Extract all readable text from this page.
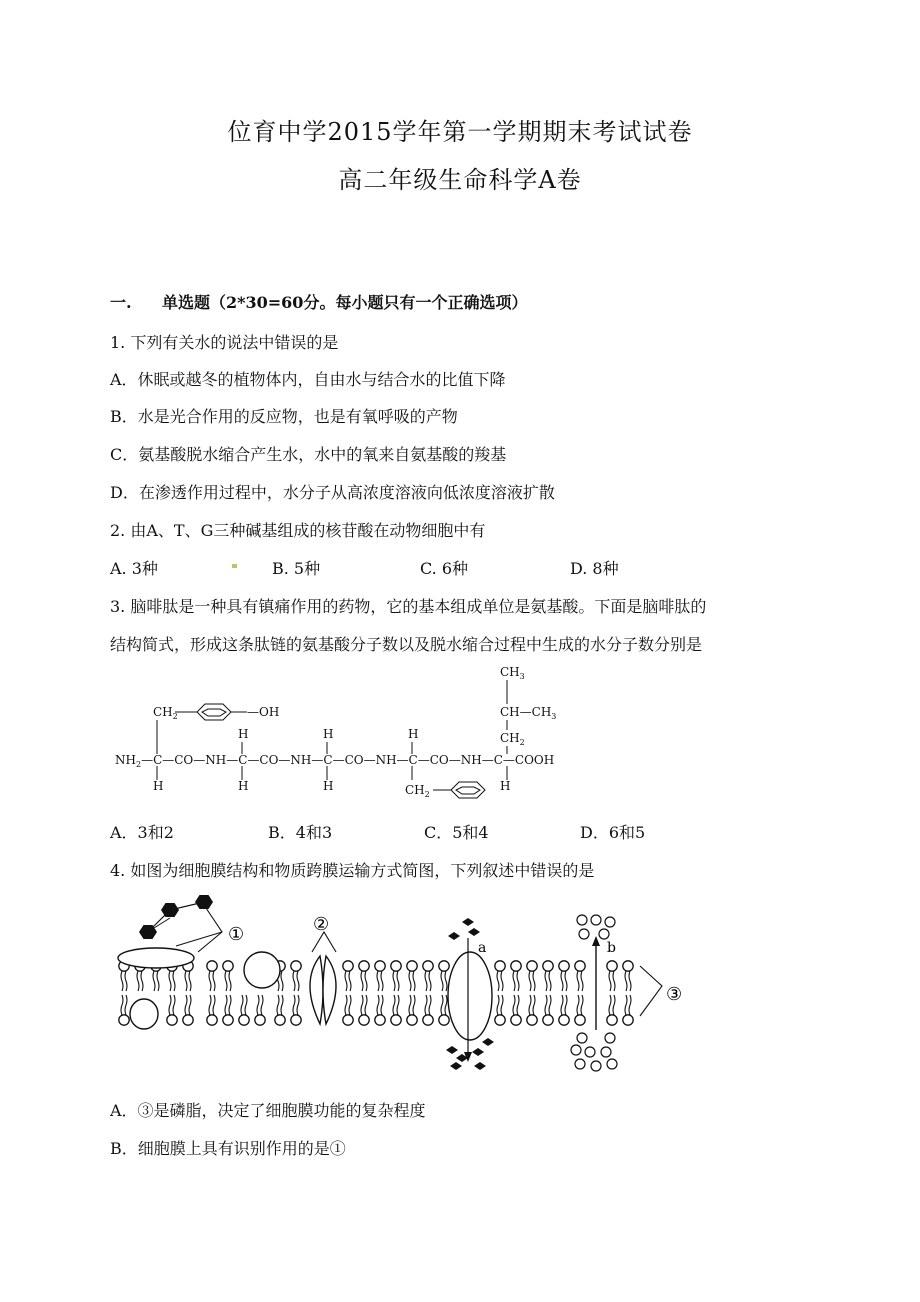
位育中学2015学年第一学期期末考试试卷
高二年级生命科学A卷
一. 单选题（2*30=60分。每小题只有一个正确选项）
1. 下列有关水的说法中错误的是
A．休眠或越冬的植物体内，自由水与结合水的比值下降
B．水是光合作用的反应物，也是有氧呼吸的产物
C．氨基酸脱水缩合产生水，水中的氧来自氨基酸的羧基
D．在渗透作用过程中，水分子从高浓度溶液向低浓度溶液扩散
2. 由A、T、G三种碱基组成的核苷酸在动物细胞中有
A. 3种	B. 5种	C. 6种	D. 8种
3. 脑啡肽是一种具有镇痛作用的药物，它的基本组成单位是氨基酸。下面是脑啡肽的
结构简式，形成这条肽链的氨基酸分子数以及脱水缩合过程中生成的水分子数分别是
$CH_3$
$CH—CH_3$
$CH_2$
$CH_2$	—OH
H	H	H
$NH_2—C—CO—NH—C—CO—NH—C—CO—NH—C—CO—NH—C—COOH$
H	H	H	H
$CH_2$
A．3和2	B．4和3	C．5和4	D．6和5
4. 如图为细胞膜结构和物质跨膜运输方式简图，下列叙述中错误的是
①	②
a	b
③
A．③是磷脂，决定了细胞膜功能的复杂程度
B．细胞膜上具有识别作用的是①
